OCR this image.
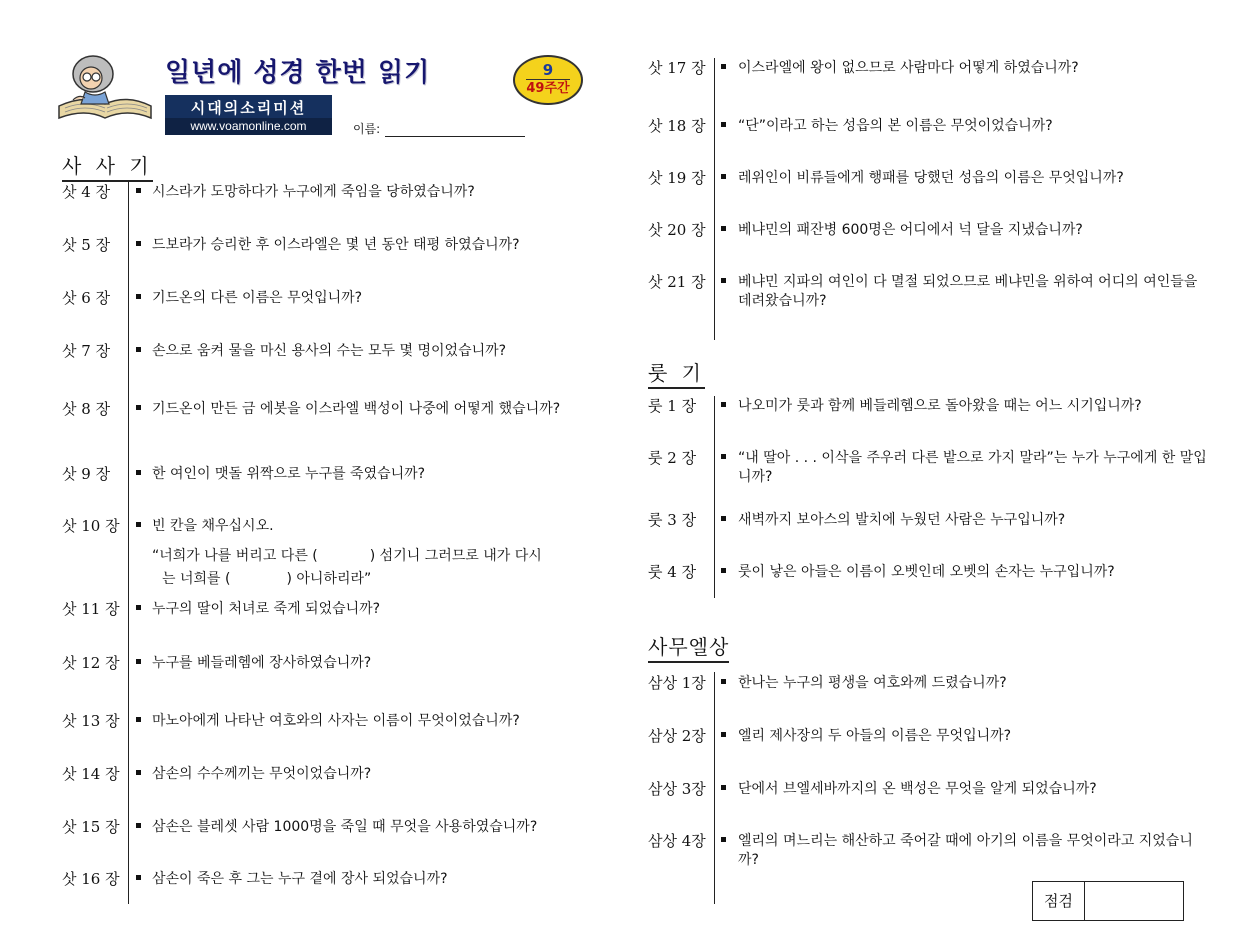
일년에 성경 한번 읽기	9
49주간
시대의소리미션
www.voamonline.com	이름:
사 사 기
삿 4 장	시스라가 도망하다가 누구에게 죽임을 당하였습니까?
삿 5 장	드보라가 승리한 후 이스라엘은 몇 년 동안 태평 하였습니까?
삿 6 장	기드온의 다른 이름은 무엇입니까?
삿 7 장	손으로 움켜 물을 마신 용사의 수는 모두 몇 명이었습니까?
삿 8 장	기드온이 만든 금 에봇을 이스라엘 백성이 나중에 어떻게 했습니까?
삿 9 장	한 여인이 맷돌 위짝으로 누구를 죽였습니까?
삿 10 장 빈 칸을 채우십시오.
“너희가 나를 버리고 다른 (	) 섬기니 그러므로 내가 다시
는 너희를 (	) 아니하리라”
삿 11 장 누구의 딸이 처녀로 죽게 되었습니까?
삿 12 장 누구를 베들레헴에 장사하였습니까?
삿 13 장 마노아에게 나타난 여호와의 사자는 이름이 무엇이었습니까?
삿 14 장 삼손의 수수께끼는 무엇이었습니까?
삿 15 장 삼손은 블레셋 사람 1000명을 죽일 때 무엇을 사용하였습니까?
삿 16 장 삼손이 죽은 후 그는 누구 곁에 장사 되었습니까?
삿 17 장 이스라엘에 왕이 없으므로 사람마다 어떻게 하였습니까?
삿 18 장 “단”이라고 하는 성읍의 본 이름은 무엇이었습니까?
삿 19 장 레위인이 비류들에게 행패를 당했던 성읍의 이름은 무엇입니까?
삿 20 장 베냐민의 패잔병 600명은 어디에서 넉 달을 지냈습니까?
삿 21 장 베냐민 지파의 여인이 다 멸절 되었으므로 베냐민을 위하여 어디의 여인들을 데려왔습니까?
룻 기
룻 1 장	나오미가 룻과 함께 베들레헴으로 돌아왔을 때는 어느 시기입니까?
룻 2 장	“내 딸아 . . . 이삭을 주우러 다른 밭으로 가지 말라”는 누가 누구에게 한 말입니까?
룻 3 장	새벽까지 보아스의 발치에 누웠던 사람은 누구입니까?
룻 4 장	룻이 낳은 아들은 이름이 오벳인데 오벳의 손자는 누구입니까?
사무엘상
삼상 1장 한나는 누구의 평생을 여호와께 드렸습니까?
삼상 2장 엘리 제사장의 두 아들의 이름은 무엇입니까?
삼상 3장 단에서 브엘세바까지의 온 백성은 무엇을 알게 되었습니까?
삼상 4장 엘리의 며느리는 해산하고 죽어갈 때에 아기의 이름을 무엇이라고 지었습니까?
점검
